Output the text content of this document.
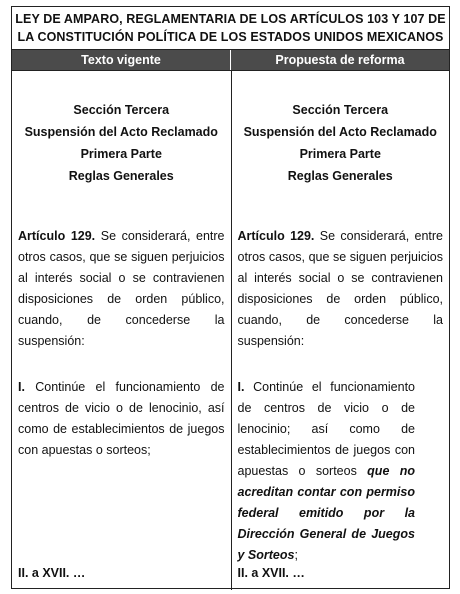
LEY DE AMPARO, REGLAMENTARIA DE LOS ARTÍCULOS 103 Y 107 DE
LA CONSTITUCIÓN POLÍTICA DE LOS ESTADOS UNIDOS MEXICANOS
Texto vigente	Propuesta de reforma
Sección Tercera
Suspensión del Acto Reclamado
Primera Parte
Reglas Generales
Artículo 129. Se considerará, entre otros casos, que se siguen perjuicios al interés social o se contravienen disposiciones de orden público, cuando, de concederse la suspensión:
I. Continúe el funcionamiento de centros de vicio o de lenocinio, así como de establecimientos de juegos con apuestas o sorteos;
II. a XVII. …
Sección Tercera
Suspensión del Acto Reclamado
Primera Parte
Reglas Generales
Artículo 129. Se considerará, entre otros casos, que se siguen perjuicios al interés social o se contravienen disposiciones de orden público, cuando, de concederse la suspensión:
I. Continúe el funcionamiento de centros de vicio o de lenocinio; así como de establecimientos de juegos con apuestas o sorteos que no acreditan contar con permiso federal emitido por la Dirección General de Juegos y Sorteos;
II. a XVII. …
